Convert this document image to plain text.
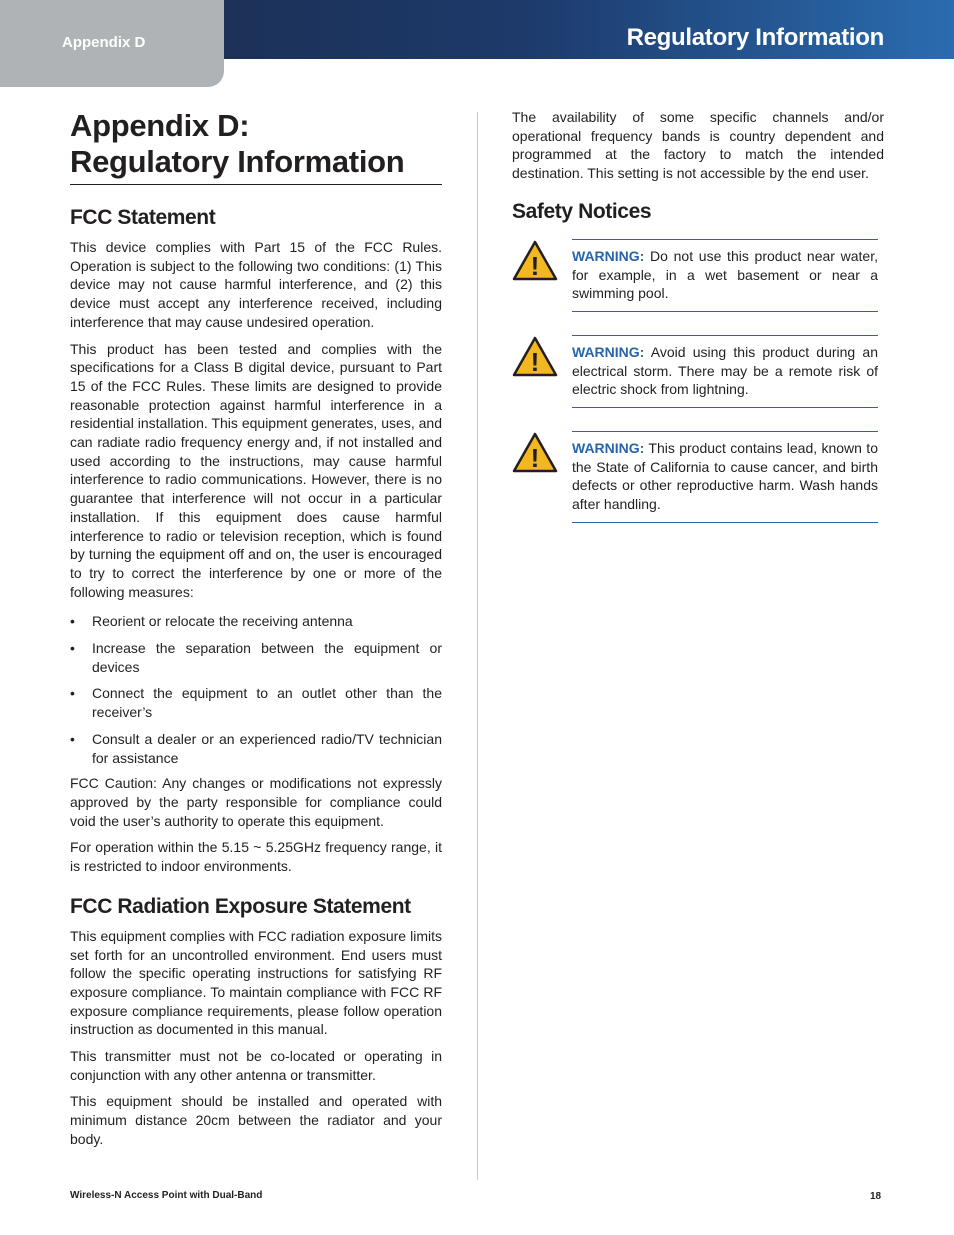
Appendix D	Regulatory Information
Appendix D:
Regulatory Information
FCC Statement

This device complies with Part 15 of the FCC Rules. Operation is subject to the following two conditions: (1) This device may not cause harmful interference, and (2) this device must accept any interference received, including interference that may cause undesired operation.

This product has been tested and complies with the specifications for a Class B digital device, pursuant to Part 15 of the FCC Rules. These limits are designed to provide reasonable protection against harmful interference in a residential installation. This equipment generates, uses, and can radiate radio frequency energy and, if not installed and used according to the instructions, may cause harmful interference to radio communications. However, there is no guarantee that interference will not occur in a particular installation. If this equipment does cause harmful interference to radio or television reception, which is found by turning the equipment off and on, the user is encouraged to try to correct the interference by one or more of the following measures:

• Reorient or relocate the receiving antenna
• Increase the separation between the equipment or devices
• Connect the equipment to an outlet other than the receiver’s
• Consult a dealer or an experienced radio/TV technician for assistance

FCC Caution: Any changes or modifications not expressly approved by the party responsible for compliance could void the user’s authority to operate this equipment.

For operation within the 5.15 ~ 5.25GHz frequency range, it is restricted to indoor environments.

FCC Radiation Exposure Statement

This equipment complies with FCC radiation exposure limits set forth for an uncontrolled environment. End users must follow the specific operating instructions for satisfying RF exposure compliance. To maintain compliance with FCC RF exposure compliance requirements, please follow operation instruction as documented in this manual.

This transmitter must not be co-located or operating in conjunction with any other antenna or transmitter.

This equipment should be installed and operated with minimum distance 20cm between the radiator and your body.

The availability of some specific channels and/or operational frequency bands is country dependent and programmed at the factory to match the intended destination. This setting is not accessible by the end user.

Safety Notices
! WARNING: Do not use this product near water, for example, in a wet basement or near a swimming pool.

! WARNING: Avoid using this product during an electrical storm. There may be a remote risk of electric shock from lightning.

! WARNING: This product contains lead, known to the State of California to cause cancer, and birth defects or other reproductive harm. Wash hands after handling.

Wireless-N Access Point with Dual-Band	18
